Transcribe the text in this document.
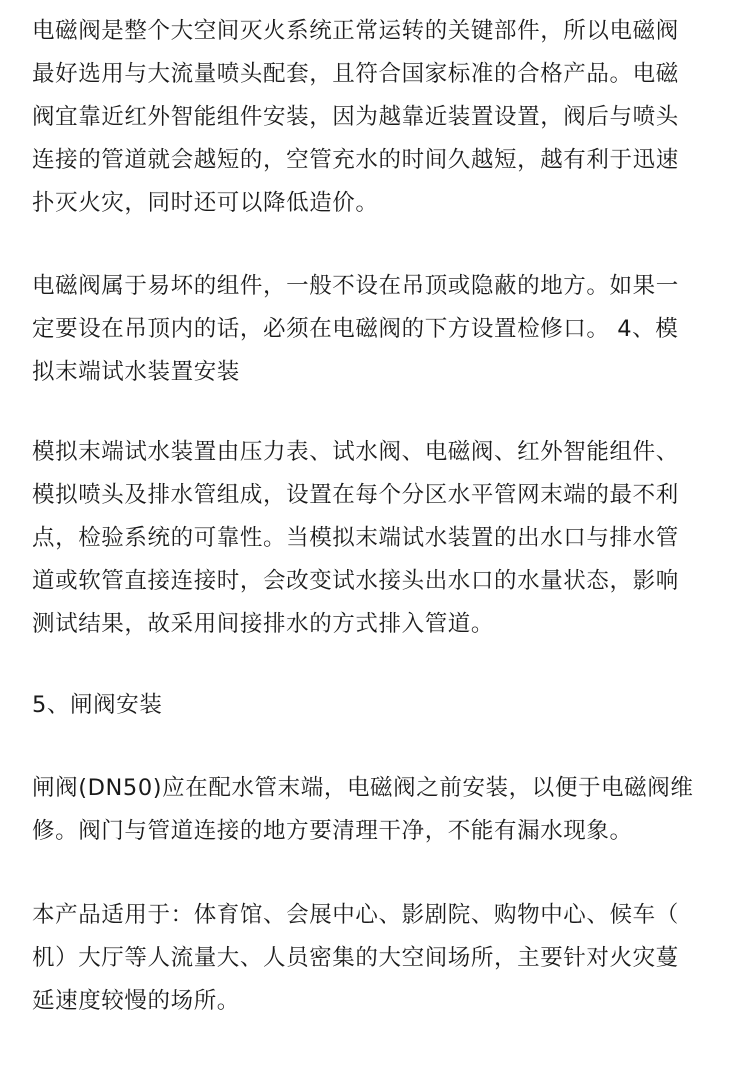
电磁阀是整个大空间灭火系统正常运转的关键部件，所以电磁阀
最好选用与大流量喷头配套，且符合国家标准的合格产品。电磁
阀宜靠近红外智能组件安装，因为越靠近装置设置，阀后与喷头
连接的管道就会越短的，空管充水的时间久越短，越有利于迅速
扑灭火灾，同时还可以降低造价。
电磁阀属于易坏的组件，一般不设在吊顶或隐蔽的地方。如果一
定要设在吊顶内的话，必须在电磁阀的下方设置检修口。 4、模
拟末端试水装置安装
模拟末端试水装置由压力表、试水阀、电磁阀、红外智能组件、
模拟喷头及排水管组成，设置在每个分区水平管网末端的最不利
点，检验系统的可靠性。当模拟末端试水装置的出水口与排水管
道或软管直接连接时，会改变试水接头出水口的水量状态，影响
测试结果，故采用间接排水的方式排入管道。
5、闸阀安装
闸阀(DN50)应在配水管末端，电磁阀之前安装，以便于电磁阀维
修。阀门与管道连接的地方要清理干净，不能有漏水现象。
本产品适用于：体育馆、会展中心、影剧院、购物中心、候车（
机）大厅等人流量大、人员密集的大空间场所，主要针对火灾蔓
延速度较慢的场所。
